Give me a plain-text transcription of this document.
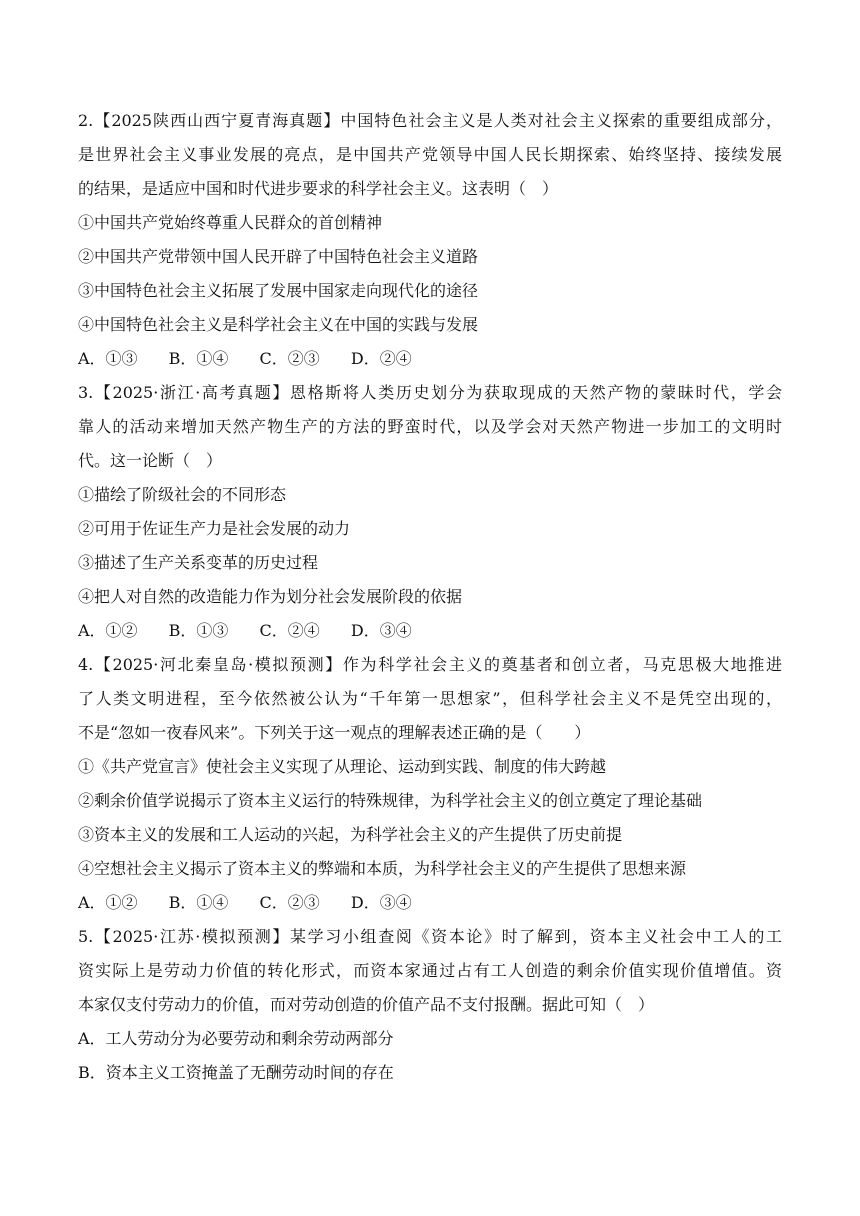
2.【2025陕西山西宁夏青海真题】中国特色社会主义是人类对社会主义探索的重要组成部分，
是世界社会主义事业发展的亮点，是中国共产党领导中国人民长期探索、始终坚持、接续发展
的结果，是适应中国和时代进步要求的科学社会主义。这表明（　）
①中国共产党始终尊重人民群众的首创精神
②中国共产党带领中国人民开辟了中国特色社会主义道路
③中国特色社会主义拓展了发展中国家走向现代化的途径
④中国特色社会主义是科学社会主义在中国的实践与发展
A．①③ B．①④ C．②③ D．②④
3.【2025·浙江·高考真题】恩格斯将人类历史划分为获取现成的天然产物的蒙昧时代，学会
靠人的活动来增加天然产物生产的方法的野蛮时代，以及学会对天然产物进一步加工的文明时
代。这一论断（　）
①描绘了阶级社会的不同形态
②可用于佐证生产力是社会发展的动力
③描述了生产关系变革的历史过程
④把人对自然的改造能力作为划分社会发展阶段的依据
A．①② B．①③ C．②④ D．③④
4.【2025·河北秦皇岛·模拟预测】作为科学社会主义的奠基者和创立者，马克思极大地推进
了人类文明进程，至今依然被公认为“千年第一思想家”，但科学社会主义不是凭空出现的，
不是“忽如一夜春风来”。下列关于这一观点的理解表述正确的是（　　）
①《共产党宣言》使社会主义实现了从理论、运动到实践、制度的伟大跨越
②剩余价值学说揭示了资本主义运行的特殊规律，为科学社会主义的创立奠定了理论基础
③资本主义的发展和工人运动的兴起，为科学社会主义的产生提供了历史前提
④空想社会主义揭示了资本主义的弊端和本质，为科学社会主义的产生提供了思想来源
A．①② B．①④ C．②③ D．③④
5.【2025·江苏·模拟预测】某学习小组查阅《资本论》时了解到，资本主义社会中工人的工
资实际上是劳动力价值的转化形式，而资本家通过占有工人创造的剩余价值实现价值增值。资
本家仅支付劳动力的价值，而对劳动创造的价值产品不支付报酬。据此可知（　）
A．工人劳动分为必要劳动和剩余劳动两部分
B．资本主义工资掩盖了无酬劳动时间的存在
